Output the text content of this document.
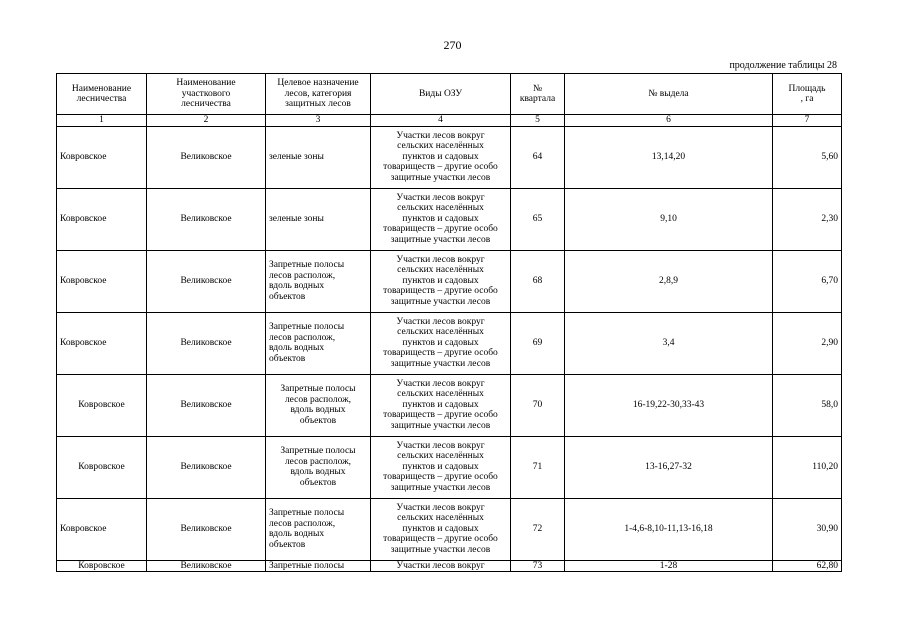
270
продолжение таблицы 28
Наименование
лесничества	Наименование
участкового
лесничества	Целевое назначение
лесов, категория
защитных лесов	Виды ОЗУ	№
квартала	№ выдела	Площадь
, га
1	2	3	4	5	6	7
Ковровское	Великовское	зеленые зоны	Участки лесов вокруг
сельских населённых
пунктов и садовых
товариществ – другие особо
защитные участки лесов	64	13,14,20	5,60
Ковровское	Великовское	зеленые зоны	Участки лесов вокруг
сельских населённых
пунктов и садовых
товариществ – другие особо
защитные участки лесов	65	9,10	2,30
Ковровское	Великовское	Запретные полосы
лесов располож,
вдоль водных
объектов	Участки лесов вокруг
сельских населённых
пунктов и садовых
товариществ – другие особо
защитные участки лесов	68	2,8,9	6,70
Ковровское	Великовское	Запретные полосы
лесов располож,
вдоль водных
объектов	Участки лесов вокруг
сельских населённых
пунктов и садовых
товариществ – другие особо
защитные участки лесов	69	3,4	2,90
Ковровское	Великовское	Запретные полосы
лесов располож,
вдоль водных
объектов	Участки лесов вокруг
сельских населённых
пунктов и садовых
товариществ – другие особо
защитные участки лесов	70	16-19,22-30,33-43	58,0
Ковровское	Великовское	Запретные полосы
лесов располож,
вдоль водных
объектов	Участки лесов вокруг
сельских населённых
пунктов и садовых
товариществ – другие особо
защитные участки лесов	71	13-16,27-32	110,20
Ковровское	Великовское	Запретные полосы
лесов располож,
вдоль водных
объектов	Участки лесов вокруг
сельских населённых
пунктов и садовых
товариществ – другие особо
защитные участки лесов	72	1-4,6-8,10-11,13-16,18	30,90
Ковровское	Великовское	Запретные полосы	Участки лесов вокруг	73	1-28	62,80
